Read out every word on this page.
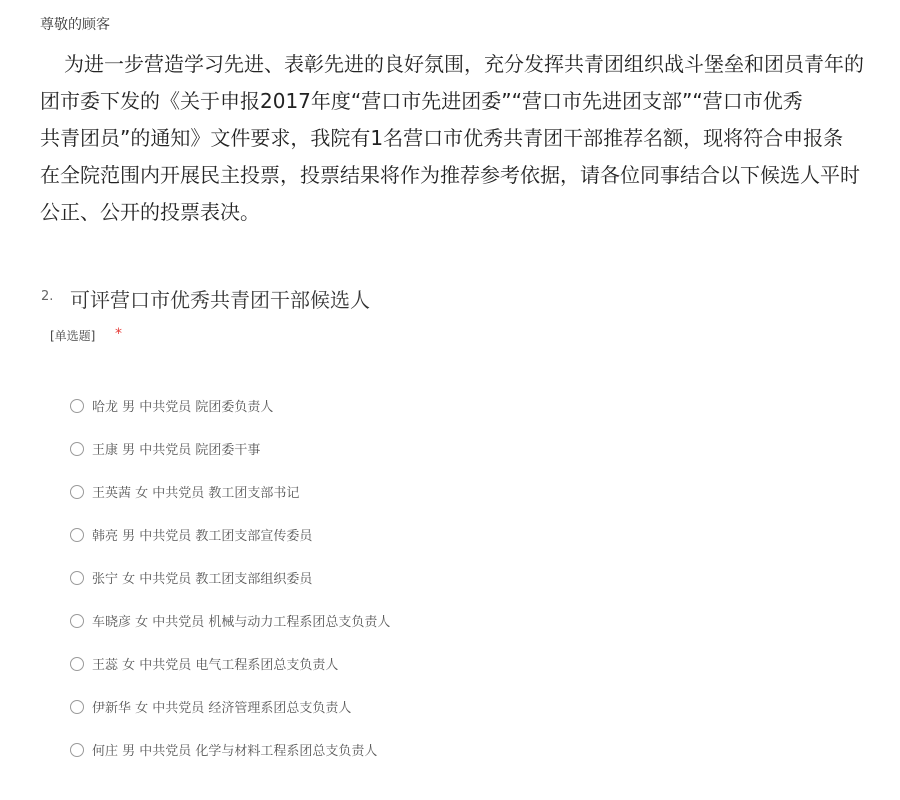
尊敬的顾客
为进一步营造学习先进、表彰先进的良好氛围，充分发挥共青团组织战斗堡垒和团员青年的
团市委下发的《关于申报2017年度“营口市先进团委”“营口市先进团支部”“营口市优秀
共青团员”的通知》文件要求，我院有1名营口市优秀共青团干部推荐名额，现将符合申报条
在全院范围内开展民主投票，投票结果将作为推荐参考依据，请各位同事结合以下候选人平时
公正、公开的投票表决。
2. 可评营口市优秀共青团干部候选人
[单选题] *
哈龙 男 中共党员 院团委负责人
王康 男 中共党员 院团委干事
王英茜 女 中共党员 教工团支部书记
韩亮 男 中共党员 教工团支部宣传委员
张宁 女 中共党员 教工团支部组织委员
车晓彦 女 中共党员 机械与动力工程系团总支负责人
王蕊 女 中共党员 电气工程系团总支负责人
伊新华 女 中共党员 经济管理系团总支负责人
何庄 男 中共党员 化学与材料工程系团总支负责人
